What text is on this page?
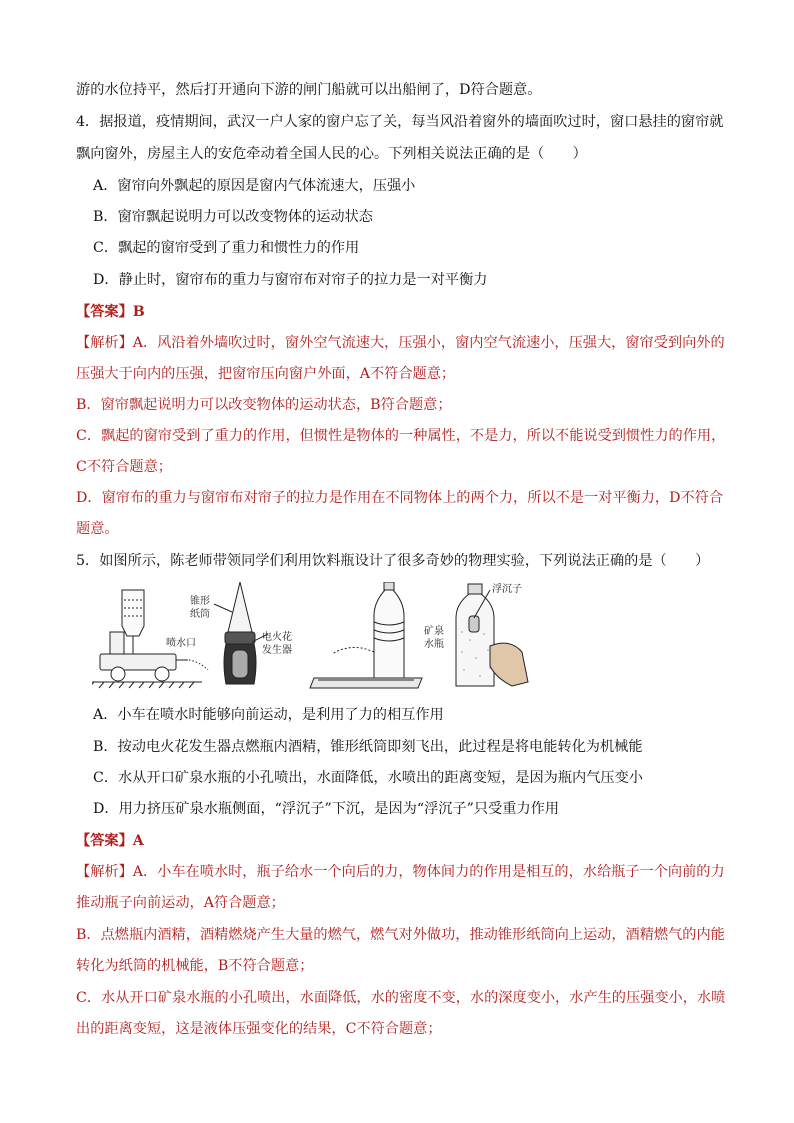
游的水位持平，然后打开通向下游的闸门船就可以出船闸了，D符合题意。
4．据报道，疫情期间，武汉一户人家的窗户忘了关，每当风沿着窗外的墙面吹过时，窗口悬挂的窗帘就
飘向窗外，房屋主人的安危牵动着全国人民的心。下列相关说法正确的是（　　）
A．窗帘向外飘起的原因是窗内气体流速大，压强小
B．窗帘飘起说明力可以改变物体的运动状态
C．飘起的窗帘受到了重力和惯性力的作用
D．静止时，窗帘布的重力与窗帘布对帘子的拉力是一对平衡力
【答案】B
【解析】A．风沿着外墙吹过时，窗外空气流速大，压强小，窗内空气流速小，压强大，窗帘受到向外的
压强大于向内的压强，把窗帘压向窗户外面，A不符合题意；
B．窗帘飘起说明力可以改变物体的运动状态，B符合题意；
C．飘起的窗帘受到了重力的作用，但惯性是物体的一种属性，不是力，所以不能说受到惯性力的作用，
C不符合题意；
D．窗帘布的重力与窗帘布对帘子的拉力是作用在不同物体上的两个力，所以不是一对平衡力，D不符合
题意。
5．如图所示，陈老师带领同学们利用饮料瓶设计了很多奇妙的物理实验，下列说法正确的是（　　）
A．小车在喷水时能够向前运动，是利用了力的相互作用
B．按动电火花发生器点燃瓶内酒精，锥形纸筒即刻飞出，此过程是将电能转化为机械能
C．水从开口矿泉水瓶的小孔喷出，水面降低，水喷出的距离变短，是因为瓶内气压变小
D．用力挤压矿泉水瓶侧面，“浮沉子”下沉，是因为“浮沉子”只受重力作用
【答案】A
【解析】A．小车在喷水时，瓶子给水一个向后的力，物体间力的作用是相互的，水给瓶子一个向前的力
推动瓶子向前运动，A符合题意；
B．点燃瓶内酒精，酒精燃烧产生大量的燃气，燃气对外做功，推动锥形纸筒向上运动，酒精燃气的内能
转化为纸筒的机械能，B不符合题意；
C．水从开口矿泉水瓶的小孔喷出，水面降低，水的密度不变，水的深度变小，水产生的压强变小，水喷
出的距离变短，这是液体压强变化的结果，C不符合题意；
喷水口
锥形
纸筒
电火花
发生器
浮沉子
矿泉
水瓶
